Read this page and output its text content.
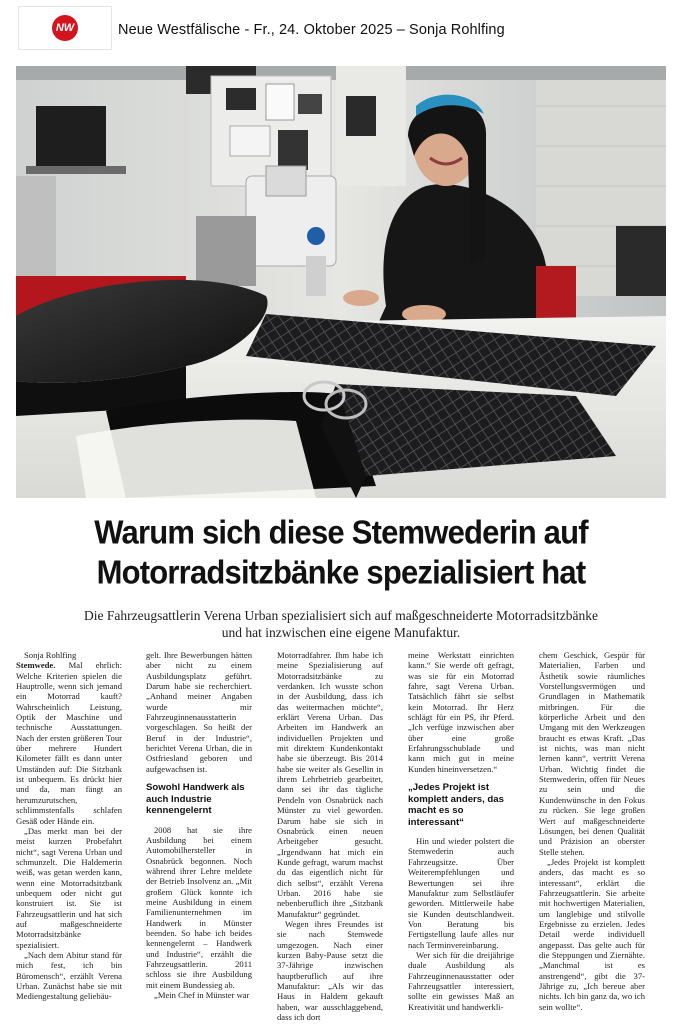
NW	Neue Westfälische - Fr., 24. Oktober 2025 – Sonja Rohlfing
Warum sich diese Stemwederin auf
Motorradsitzbänke spezialisiert hat
Die Fahrzeugsattlerin Verena Urban spezialisiert sich auf maßgeschneiderte Motorradsitzbänke
und hat inzwischen eine eigene Manufaktur.

Sonja Rohlfing

Stemwede. Mal ehrlich: Welche Kriterien spielen die Hauptrolle, wenn sich jemand ein Motorrad kauft? Wahrscheinlich Leistung, Optik der Maschine und technische Ausstattungen. Nach der ersten größeren Tour über mehrere Hundert Kilometer fällt es dann unter Umständen auf: Die Sitzbank ist unbequem. Es drückt hier und da, man fängt an herumzurutschen, schlimmstenfalls schlafen Gesäß oder Hände ein.

„Das merkt man bei der meist kurzen Probefahrt nicht“, sagt Verena Urban und schmunzelt. Die Haldemerin weiß, was getan werden kann, wenn eine Motorradsitzbank unbequem oder nicht gut konstruiert ist. Sie ist Fahrzeugsattlerin und hat sich auf maßgeschneiderte Motorradsitzbänke spezialisiert.

„Nach dem Abitur stand für mich fest, ich bin Büromensch“, erzählt Verena Urban. Zunächst habe sie mit Mediengestaltung geliebäu-

gelt. Ihre Bewerbungen hätten aber nicht zu einem Ausbildungsplatz geführt. Darum habe sie recherchiert. „Anhand meiner Angaben wurde mir Fahrzeuginnenausstatterin vorgeschlagen. So heißt der Beruf in der Industrie“, berichtet Verena Urban, die in Ostfriesland geboren und aufgewachsen ist.

Sowohl Handwerk als auch Industrie kennengelernt

2008 hat sie ihre Ausbildung bei einem Automobilhersteller in Osnabrück begonnen. Noch während ihrer Lehre meldete der Betrieb Insolvenz an. „Mit großem Glück konnte ich meine Ausbildung in einem Familienunternehmen im Handwerk in Münster beenden. So habe ich beides kennengelernt – Handwerk und Industrie“, erzählt die Fahrzeugsattlerin. 2011 schloss sie ihre Ausbildung mit einem Bundessieg ab.

„Mein Chef in Münster war

Motorradfahrer. Ihm habe ich meine Spezialisierung auf Motorradsitzbänke zu verdanken. Ich wusste schon in der Ausbildung, dass ich das weitermachen möchte“, erklärt Verena Urban. Das Arbeiten im Handwerk an individuellen Projekten und mit direktem Kundenkontakt habe sie überzeugt. Bis 2014 habe sie weiter als Gesellin in ihrem Lehrbetrieb gearbeitet, dann sei ihr das tägliche Pendeln von Osnabrück nach Münster zu viel geworden. Darum habe sie sich in Osnabrück einen neuen Arbeitgeber gesucht. „Irgendwann hat mich ein Kunde gefragt, warum machst du das eigentlich nicht für dich selbst“, erzählt Verena Urban. 2016 habe sie nebenberuflich ihre „Sitzbank Manufaktur“ gegründet.

Wegen ihres Freundes ist sie nach Stemwede umgezogen. Nach einer kurzen Baby-Pause setzt die 37-Jährige inzwischen hauptberuflich auf ihre Manufaktur: „Als wir das Haus in Haldem gekauft haben, war ausschlaggebend, dass ich dort

meine Werkstatt einrichten kann.“ Sie werde oft gefragt, was sie für ein Motorrad fahre, sagt Verena Urban. Tatsächlich fährt sie selbst kein Motorrad. Ihr Herz schlägt für ein PS, ihr Pferd. „Ich verfüge inzwischen aber über eine große Erfahrungsschublade und kann mich gut in meine Kunden hineinversetzen.“

„Jedes Projekt ist komplett anders, das macht es so interessant“

Hin und wieder polstert die Stemwederin auch Fahrzeugsitze. Über Weiterempfehlungen und Bewertungen sei ihre Manufaktur zum Selbstläufer geworden. Mittlerweile habe sie Kunden deutschlandweit. Von Beratung bis Fertigstellung laufe alles nur nach Terminvereinbarung.

Wer sich für die dreijährige duale Ausbildung als Fahrzeuginnenausstatter oder Fahrzeugsattler interessiert, sollte ein gewisses Maß an Kreativität und handwerkli-

chem Geschick, Gespür für Materialien, Farben und Ästhetik sowie räumliches Vorstellungsvermögen und Grundlagen in Mathematik mitbringen. Für die körperliche Arbeit und den Umgang mit den Werkzeugen braucht es etwas Kraft. „Das ist nichts, was man nicht lernen kann“, vertritt Verena Urban. Wichtig findet die Stemwederin, offen für Neues zu sein und die Kundenwünsche in den Fokus zu rücken. Sie lege großen Wert auf maßgeschneiderte Lösungen, bei denen Qualität und Präzision an oberster Stelle stehen.

„Jedes Projekt ist komplett anders, das macht es so interessant“, erklärt die Fahrzeugsattlerin. Sie arbeite mit hochwertigen Materialien, um langlebige und stilvolle Ergebnisse zu erzielen. Jedes Detail werde individuell angepasst. Das gelte auch für die Steppungen und Ziernähte. „Manchmal ist es anstrengend“, gibt die 37-Jährige zu, „Ich bereue aber nichts. Ich bin ganz da, wo ich sein wollte“.
